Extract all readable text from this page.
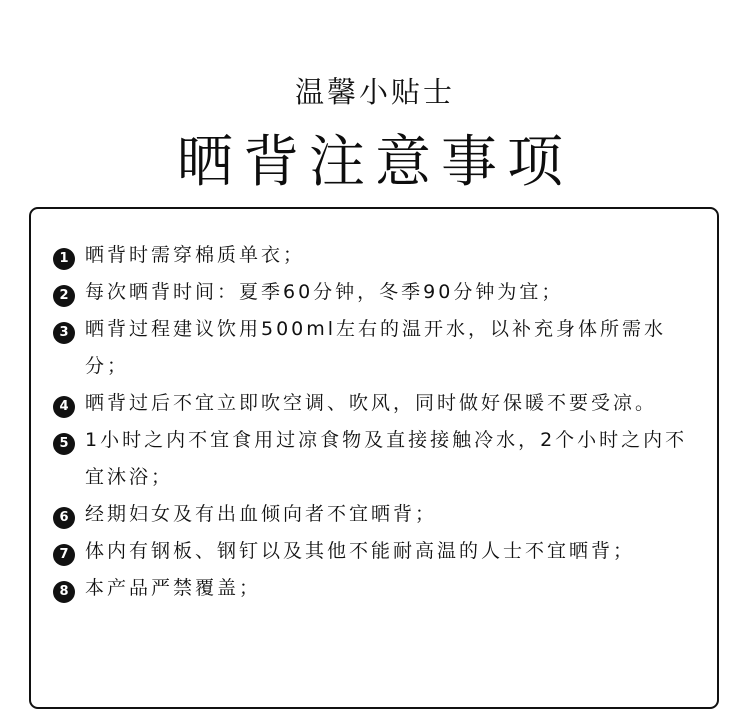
温馨小贴士
晒背注意事项
1 晒背时需穿棉质单衣；
2 每次晒背时间：夏季60分钟，冬季90分钟为宜；
3 晒背过程建议饮用500ml左右的温开水，以补充身体所需水分；
4 晒背过后不宜立即吹空调、吹风，同时做好保暖不要受凉。
5 1小时之内不宜食用过凉食物及直接接触冷水，2个小时之内不宜沐浴；
6 经期妇女及有出血倾向者不宜晒背；
7 体内有钢板、钢钉以及其他不能耐高温的人士不宜晒背；
8 本产品严禁覆盖；
